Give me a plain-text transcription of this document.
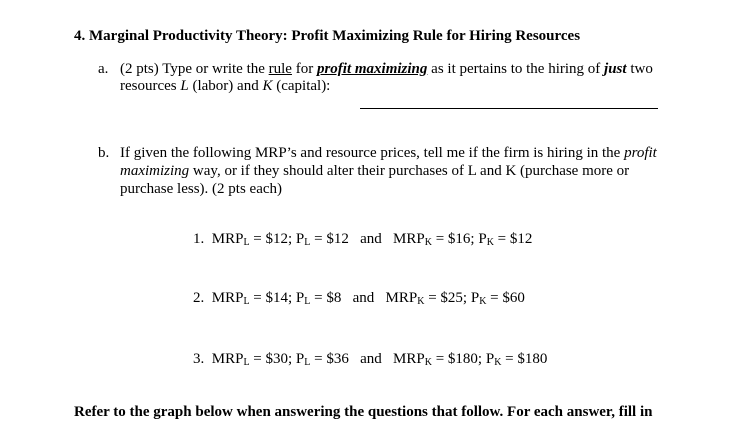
4. Marginal Productivity Theory: Profit Maximizing Rule for Hiring Resources
a. (2 pts) Type or write the rule for profit maximizing as it pertains to the hiring of just two
resources L (labor) and K (capital):
b. If given the following MRP’s and resource prices, tell me if the firm is hiring in the profit
maximizing way, or if they should alter their purchases of L and K (purchase more or
purchase less). (2 pts each)
1. $MRP_L$ = $12; $P_L$ = $12 and $MRP_K$ = $16; $P_K$ = $12
2. $MRP_L$ = $14; $P_L$ = $8 and $MRP_K$ = $25; $P_K$ = $60
3. $MRP_L$ = $30; $P_L$ = $36 and $MRP_K$ = $180; $P_K$ = $180
Refer to the graph below when answering the questions that follow. For each answer, fill in
